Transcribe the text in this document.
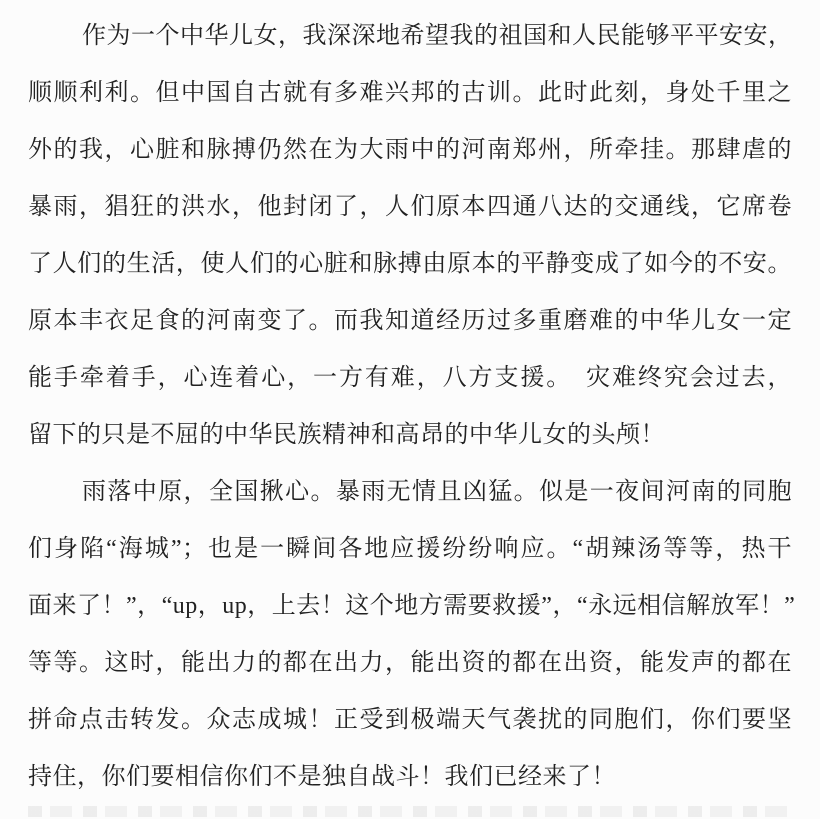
作为一个中华儿女，我深深地希望我的祖国和人民能够平平安安，
顺顺利利。但中国自古就有多难兴邦的古训。此时此刻，身处千里之
外的我，心脏和脉搏仍然在为大雨中的河南郑州，所牵挂。那肆虐的
暴雨，猖狂的洪水，他封闭了，人们原本四通八达的交通线，它席卷
了人们的生活，使人们的心脏和脉搏由原本的平静变成了如今的不安。
原本丰衣足食的河南变了。而我知道经历过多重磨难的中华儿女一定
能手牵着手，心连着心，一方有难，八方支援。　灾难终究会过去，
留下的只是不屈的中华民族精神和高昂的中华儿女的头颅！
雨落中原，全国揪心。暴雨无情且凶猛。似是一夜间河南的同胞
们身陷“海城”；也是一瞬间各地应援纷纷响应。“胡辣汤等等，热干
面来了！”，“up，up，上去！这个地方需要救援”，“永远相信解放军！”
等等。这时，能出力的都在出力，能出资的都在出资，能发声的都在
拼命点击转发。众志成城！正受到极端天气袭扰的同胞们，你们要坚
持住，你们要相信你们不是独自战斗！我们已经来了！
